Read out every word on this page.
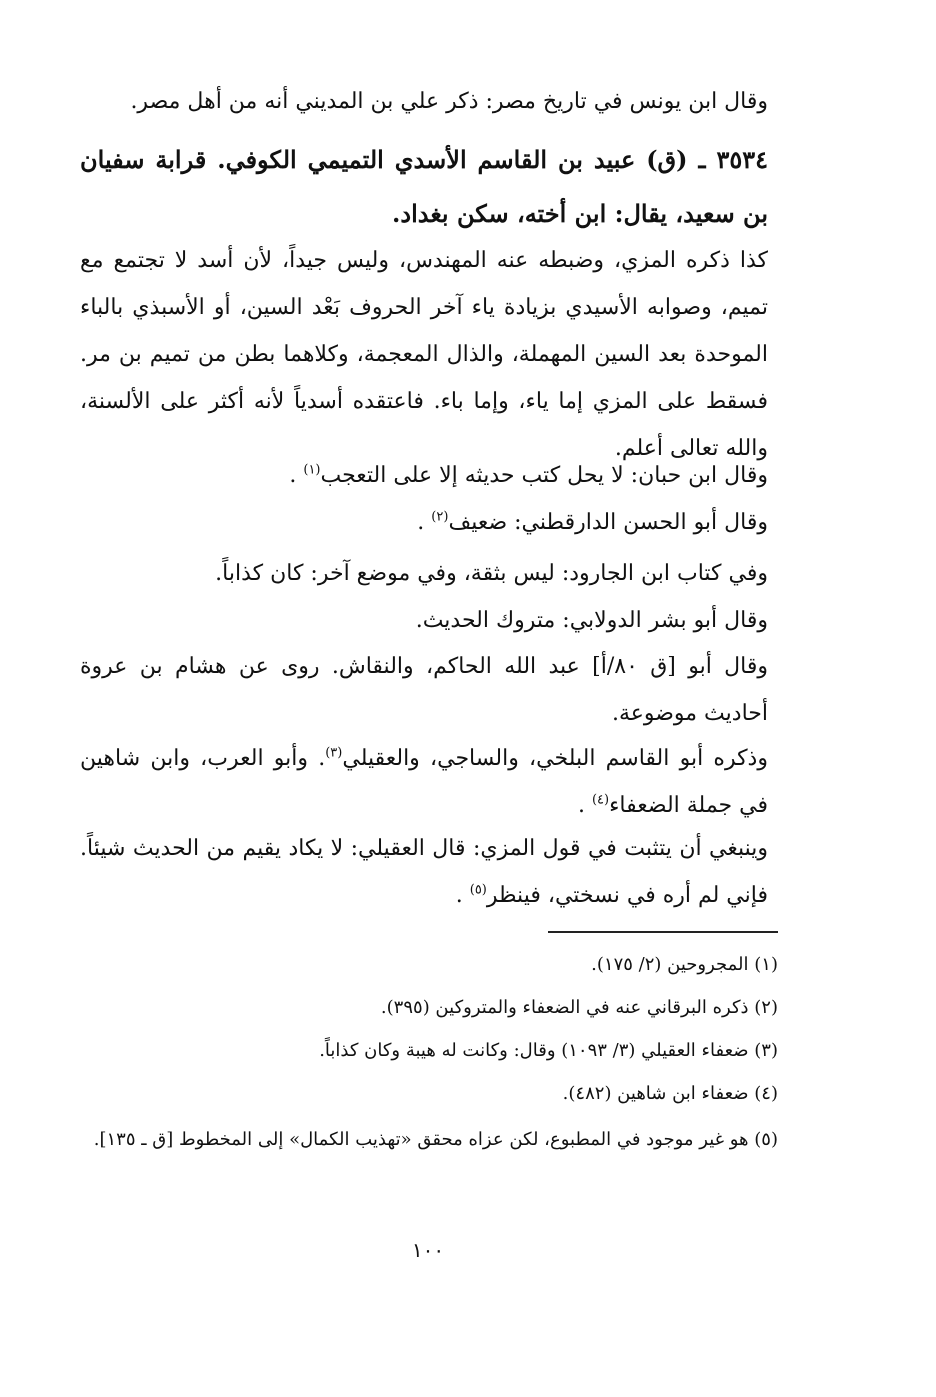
وقال ابن يونس في تاريخ مصر: ذكر علي بن المديني أنه من أهل مصر.

٣٥٣٤ ـ (ق) عبيد بن القاسم الأسدي التميمي الكوفي. قرابة سفيان بن سعيد، يقال: ابن أخته، سكن بغداد.

كذا ذكره المزي، وضبطه عنه المهندس، وليس جيداً، لأن أسد لا تجتمع مع تميم، وصوابه الأسيدي بزيادة ياء آخر الحروف بَعْد السين، أو الأسبذي بالباء الموحدة بعد السين المهملة، والذال المعجمة، وكلاهما بطن من تميم بن مر. فسقط على المزي إما ياء، وإما باء. فاعتقده أسدياً لأنه أكثر على الألسنة، والله تعالى أعلم.

وقال ابن حبان: لا يحل كتب حديثه إلا على التعجب$^{(١)}$ .

وقال أبو الحسن الدارقطني: ضعيف$^{(٢)}$ .

وفي كتاب ابن الجارود: ليس بثقة، وفي موضع آخر: كان كذاباً.

وقال أبو بشر الدولابي: متروك الحديث.

وقال أبو [ق ٨٠/أ] عبد الله الحاكم، والنقاش. روى عن هشام بن عروة أحاديث موضوعة.

وذكره أبو القاسم البلخي، والساجي، والعقيلي$^{(٣)}$. وأبو العرب، وابن شاهين في جملة الضعفاء$^{(٤)}$ .

وينبغي أن يتثبت في قول المزي: قال العقيلي: لا يكاد يقيم من الحديث شيئاً. فإني لم أره في نسختي، فينظر$^{(٥)}$ .

(١) المجروحين (٢/ ١٧٥).

(٢) ذكره البرقاني عنه في الضعفاء والمتروكين (٣٩٥).

(٣) ضعفاء العقيلي (٣/ ١٠٩٣) وقال: وكانت له هيبة وكان كذاباً.

(٤) ضعفاء ابن شاهين (٤٨٢).

(٥) هو غير موجود في المطبوع، لكن عزاه محقق «تهذيب الكمال» إلى المخطوط [ق ـ ١٣٥].

١٠٠
